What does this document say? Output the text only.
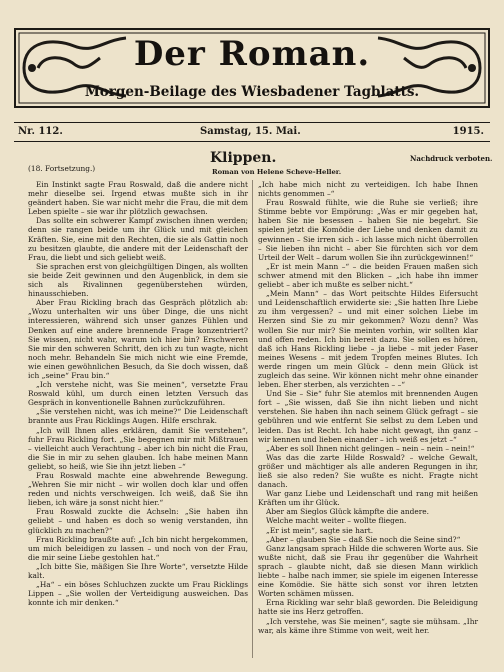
Der Roman.
Morgen-Beilage des Wiesbadener Tagblatts.
Nr. 112.	Samstag, 15. Mai.	1915.
Klippen.	Nachdruck verboten.
(18. Fortsetzung.)	Roman von Helene Scheve-Heller.

Ein Instinkt sagte Frau Roswald, daß die andere nicht mehr dieselbe sei. Irgend etwas mußte sich in ihr geändert haben. Sie war nicht mehr die Frau, die mit dem Leben spielte – sie war ihr plötzlich gewachsen.

Das sollte ein schwerer Kampf zwischen ihnen werden; denn sie rangen beide um ihr Glück und mit gleichen Kräften. Sie, eine mit den Rechten, die sie als Gattin noch zu besitzen glaubte, die andere mit der Leidenschaft der Frau, die liebt und sich geliebt weiß.

Sie sprachen erst von gleichgültigen Dingen, als wollten sie beide Zeit gewinnen und den Augenblick, in dem sie sich als Rivalinnen gegenüberstehen würden, hinausschieben.

Aber Frau Rickling brach das Gespräch plötzlich ab: „Wozu unterhalten wir uns über Dinge, die uns nicht interessieren, während sich unser ganzes Fühlen und Denken auf eine andere brennende Frage konzentriert? Sie wissen, nicht wahr, warum ich hier bin? Erschweren Sie mir den schweren Schritt, den ich zu tun wagte, nicht noch mehr. Behandeln Sie mich nicht wie eine Fremde, wie einen gewöhnlichen Besuch, da Sie doch wissen, daß ich „seine“ Frau bin.“

„Ich verstehe nicht, was Sie meinen“, versetzte Frau Roswald kühl, um durch einen letzten Versuch das Gespräch in konventionelle Bahnen zurückzuführen.

„Sie verstehen nicht, was ich meine?“ Die Leidenschaft brannte aus Frau Ricklings Augen. Hilfe erschrak.

„Ich will Ihnen alles erklären, damit Sie verstehen“, fuhr Frau Rickling fort. „Sie begegnen mir mit Mißtrauen – vielleicht auch Verachtung – aber ich bin nicht die Frau, die Sie in mir zu sehen glauben. Ich habe meinen Mann geliebt, so heiß, wie Sie ihn jetzt lieben –“

Frau Roswald machte eine abwehrende Bewegung. „Wehren Sie mir nicht – wir wollen doch klar und offen reden und nichts verschweigen. Ich weiß, daß Sie ihn lieben, ich wäre ja sonst nicht hier.“

Frau Roswald zuckte die Achseln: „Sie haben ihn geliebt – und haben es doch so wenig verstanden, ihn glücklich zu machen?“

Frau Rickling braußte auf: „Ich bin nicht hergekommen, um mich beleidigen zu lassen – und noch von der Frau, die mir seine Liebe gestohlen hat.“

„Ich bitte Sie, mäßigen Sie Ihre Worte“, versetzte Hilde kalt.

„Ha“ – ein böses Schluchzen zuckte um Frau Ricklings Lippen – „Sie wollen der Verteidigung ausweichen. Das konnte ich mir denken.“

„Ich habe mich nicht zu verteidigen. Ich habe Ihnen nichts genommen –“

Frau Roswald fühlte, wie die Ruhe sie verließ; ihre Stimme bebte vor Empörung: „Was er mir gegeben hat, haben Sie nie besessen – haben Sie nie begehrt. Sie spielen jetzt die Komödie der Liebe und denken damit zu gewinnen – Sie irren sich – ich lasse mich nicht überrollen – Sie lieben ihn nicht – aber Sie fürchten sich vor dem Urteil der Welt – darum wollen Sie ihn zurückgewinnen!“

„Er ist mein Mann –“ – die beiden Frauen maßen sich schwer atmend mit den Blicken – „ich habe ihn immer geliebt – aber ich mußte es selber nicht.“

„Mein Mann“ – das Wort peitschte Hildes Eifersucht und Leidenschaftlich erwiderte sie: „Sie hatten Ihre Liebe zu ihm vergessen? – und mit einer solchen Liebe im Herzen sind Sie zu mir gekommen? Wozu denn? Was wollen Sie nur mir? Sie meinten vorhin, wir sollten klar und offen reden. Ich bin bereit dazu. Sie sollen es hören, daß ich Hans Rickling liebe – ja liebe – mit jeder Faser meines Wesens – mit jedem Tropfen meines Blutes. Ich werde ringen um mein Glück – denn mein Glück ist zugleich das seine. Wir können nicht mehr ohne einander leben. Eher sterben, als verzichten – –“

Und Sie – Sie“ fuhr Sie atemlos mit brennenden Augen fort – „Sie wissen, daß Sie ihn nicht lieben und nicht verstehen. Sie haben ihn nach seinem Glück gefragt – sie gebühren und wie entfernt Sie selbst zu dem Leben und leiden. Das ist Recht. Ich habe nicht gewagt, ihn ganz – wir kennen und lieben einander – ich weiß es jetzt –“

„Aber es soll Ihnen nicht gelingen – nein – nein – nein!“

Was das die zarte Hilde Roswald? – welche Gewalt, größer und mächtiger als alle anderen Regungen in ihr, ließ sie also reden? Sie wußte es nicht. Fragte nicht danach.

War ganz Liebe und Leidenschaft und rang mit heißen Kräften um ihr Glück.

Aber am Sieglos Glück kämpfte die andere.

Welche macht weiter – wollte fliegen.

„Er ist mein“, sagte sie hart.

„Aber – glauben Sie – daß Sie noch die Seine sind?“

Ganz langsam sprach Hilde die schweren Worte aus. Sie wußte nicht, daß sie Frau ihr gegenüber die Wahrheit sprach – glaubte nicht, daß sie diesen Mann wirklich liebte – halbe nach immer, sie spiele im eigenen Interesse eine Komödie. Sie hätte sich sonst vor ihren letzten Worten schämen müssen.

Erna Rickling war sehr blaß geworden. Die Beleidigung hatte sie ins Herz getroffen.

„Ich verstehe, was Sie meinen“, sagte sie mühsam. „Ihr war, als käme ihre Stimme von weit, weit her.
